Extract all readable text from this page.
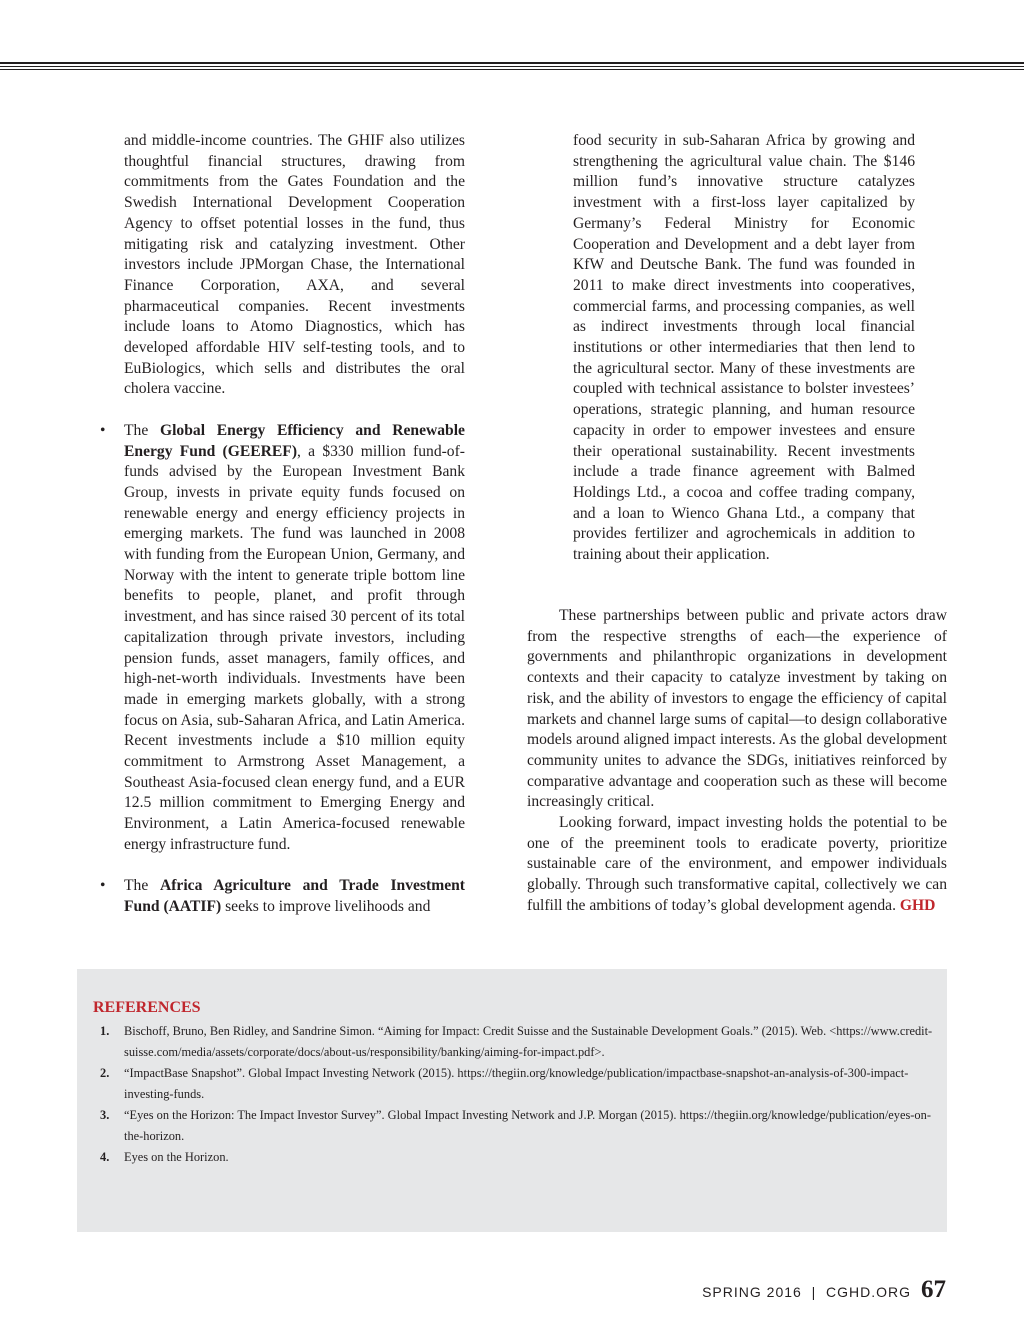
and middle-income countries. The GHIF also utilizes thoughtful financial structures, drawing from commitments from the Gates Foundation and the Swedish International Development Cooperation Agency to offset potential losses in the fund, thus mitigating risk and catalyzing investment. Other investors include JPMorgan Chase, the International Finance Corporation, AXA, and several pharmaceutical companies. Recent investments include loans to Atomo Diagnostics, which has developed affordable HIV self-testing tools, and to EuBiologics, which sells and distributes the oral cholera vaccine.

• The Global Energy Efficiency and Renewable Energy Fund (GEEREF), a $330 million fund-of-funds advised by the European Investment Bank Group, invests in private equity funds focused on renewable energy and energy efficiency projects in emerging markets. The fund was launched in 2008 with funding from the European Union, Germany, and Norway with the intent to generate triple bottom line benefits to people, planet, and profit through investment, and has since raised 30 percent of its total capitalization through private investors, including pension funds, asset managers, family offices, and high-net-worth individuals. Investments have been made in emerging markets globally, with a strong focus on Asia, sub-Saharan Africa, and Latin America. Recent investments include a $10 million equity commitment to Armstrong Asset Management, a Southeast Asia-focused clean energy fund, and a EUR 12.5 million commitment to Emerging Energy and Environment, a Latin America-focused renewable energy infrastructure fund.

• The Africa Agriculture and Trade Investment Fund (AATIF) seeks to improve livelihoods and

food security in sub-Saharan Africa by growing and strengthening the agricultural value chain. The $146 million fund’s innovative structure catalyzes investment with a first-loss layer capitalized by Germany’s Federal Ministry for Economic Cooperation and Development and a debt layer from KfW and Deutsche Bank. The fund was founded in 2011 to make direct investments into cooperatives, commercial farms, and processing companies, as well as indirect investments through local financial institutions or other intermediaries that then lend to the agricultural sector. Many of these investments are coupled with technical assistance to bolster investees’ operations, strategic planning, and human resource capacity in order to empower investees and ensure their operational sustainability. Recent investments include a trade finance agreement with Balmed Holdings Ltd., a cocoa and coffee trading company, and a loan to Wienco Ghana Ltd., a company that provides fertilizer and agrochemicals in addition to training about their application.

These partnerships between public and private actors draw from the respective strengths of each—the experience of governments and philanthropic organizations in development contexts and their capacity to catalyze investment by taking on risk, and the ability of investors to engage the efficiency of capital markets and channel large sums of capital—to design collaborative models around aligned impact interests. As the global development community unites to advance the SDGs, initiatives reinforced by comparative advantage and cooperation such as these will become increasingly critical.

Looking forward, impact investing holds the potential to be one of the preeminent tools to eradicate poverty, prioritize sustainable care of the environment, and empower individuals globally. Through such transformative capital, collectively we can fulfill the ambitions of today’s global development agenda. GHD

REFERENCES
1. Bischoff, Bruno, Ben Ridley, and Sandrine Simon. “Aiming for Impact: Credit Suisse and the Sustainable Development Goals.” (2015). Web. <https://www.credit-suisse.com/media/assets/corporate/docs/about-us/responsibility/banking/aiming-for-impact.pdf>.
2. “ImpactBase Snapshot”. Global Impact Investing Network (2015). https://thegiin.org/knowledge/publication/impactbase-snapshot-an-analysis-of-300-impact-investing-funds.
3. “Eyes on the Horizon: The Impact Investor Survey”. Global Impact Investing Network and J.P. Morgan (2015). https://thegiin.org/knowledge/publication/eyes-on-the-horizon.
4. Eyes on the Horizon.
SPRING 2016  |  CGHD.ORG 67
